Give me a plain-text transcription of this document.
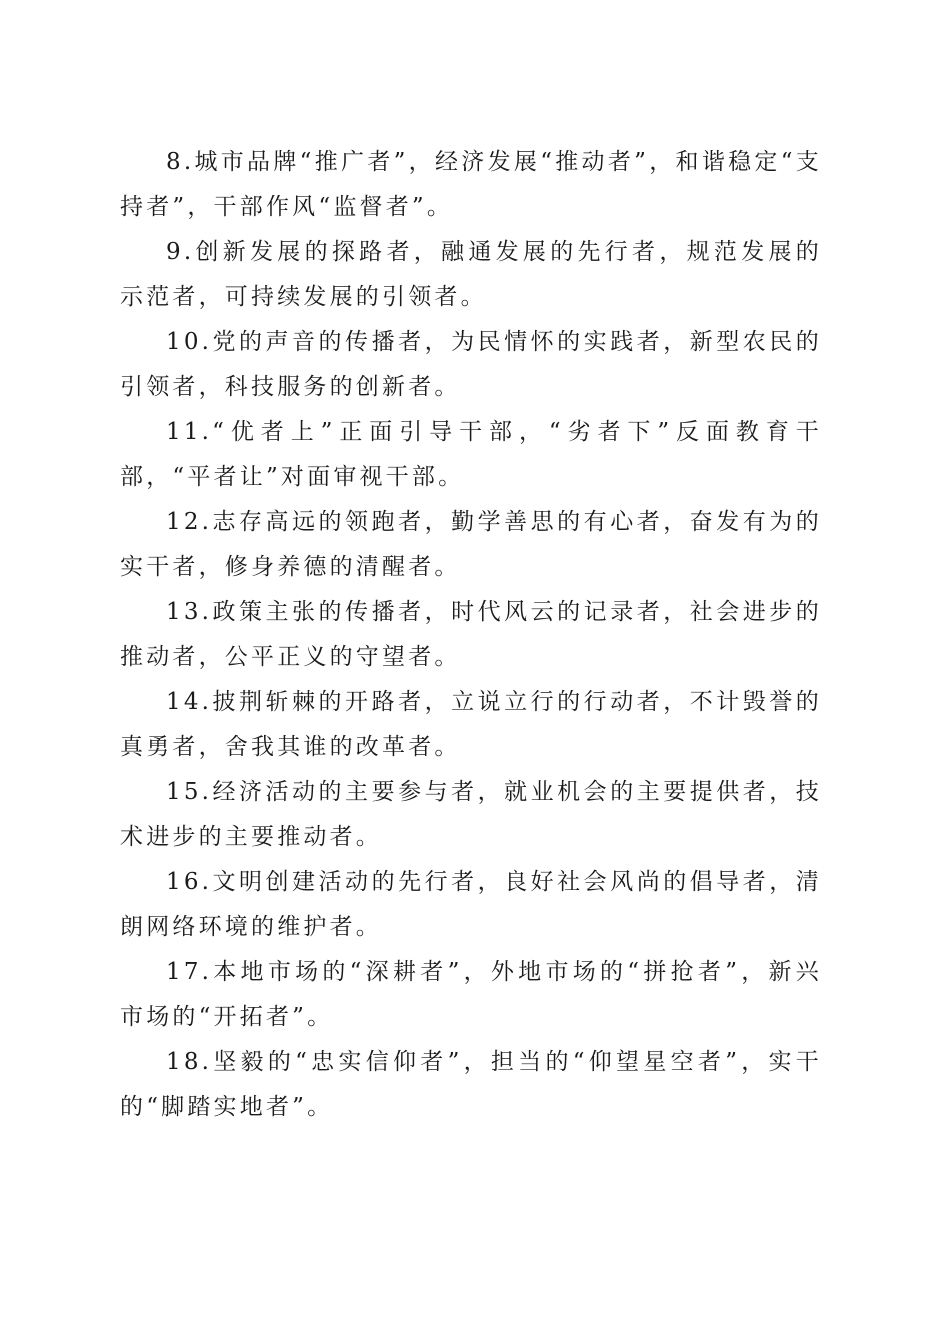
8.城市品牌“推广者”，经济发展“推动者”，和谐稳定“支持者”，干部作风“监督者”。

9.创新发展的探路者，融通发展的先行者，规范发展的示范者，可持续发展的引领者。

10.党的声音的传播者，为民情怀的实践者，新型农民的引领者，科技服务的创新者。

11.“优者上”正面引导干部，“劣者下”反面教育干部，“平者让”对面审视干部。

12.志存高远的领跑者，勤学善思的有心者，奋发有为的实干者，修身养德的清醒者。

13.政策主张的传播者，时代风云的记录者，社会进步的推动者，公平正义的守望者。

14.披荆斩棘的开路者，立说立行的行动者，不计毁誉的真勇者，舍我其谁的改革者。

15.经济活动的主要参与者，就业机会的主要提供者，技术进步的主要推动者。

16.文明创建活动的先行者，良好社会风尚的倡导者，清朗网络环境的维护者。

17.本地市场的“深耕者”，外地市场的“拼抢者”，新兴市场的“开拓者”。

18.坚毅的“忠实信仰者”，担当的“仰望星空者”，实干的“脚踏实地者”。
